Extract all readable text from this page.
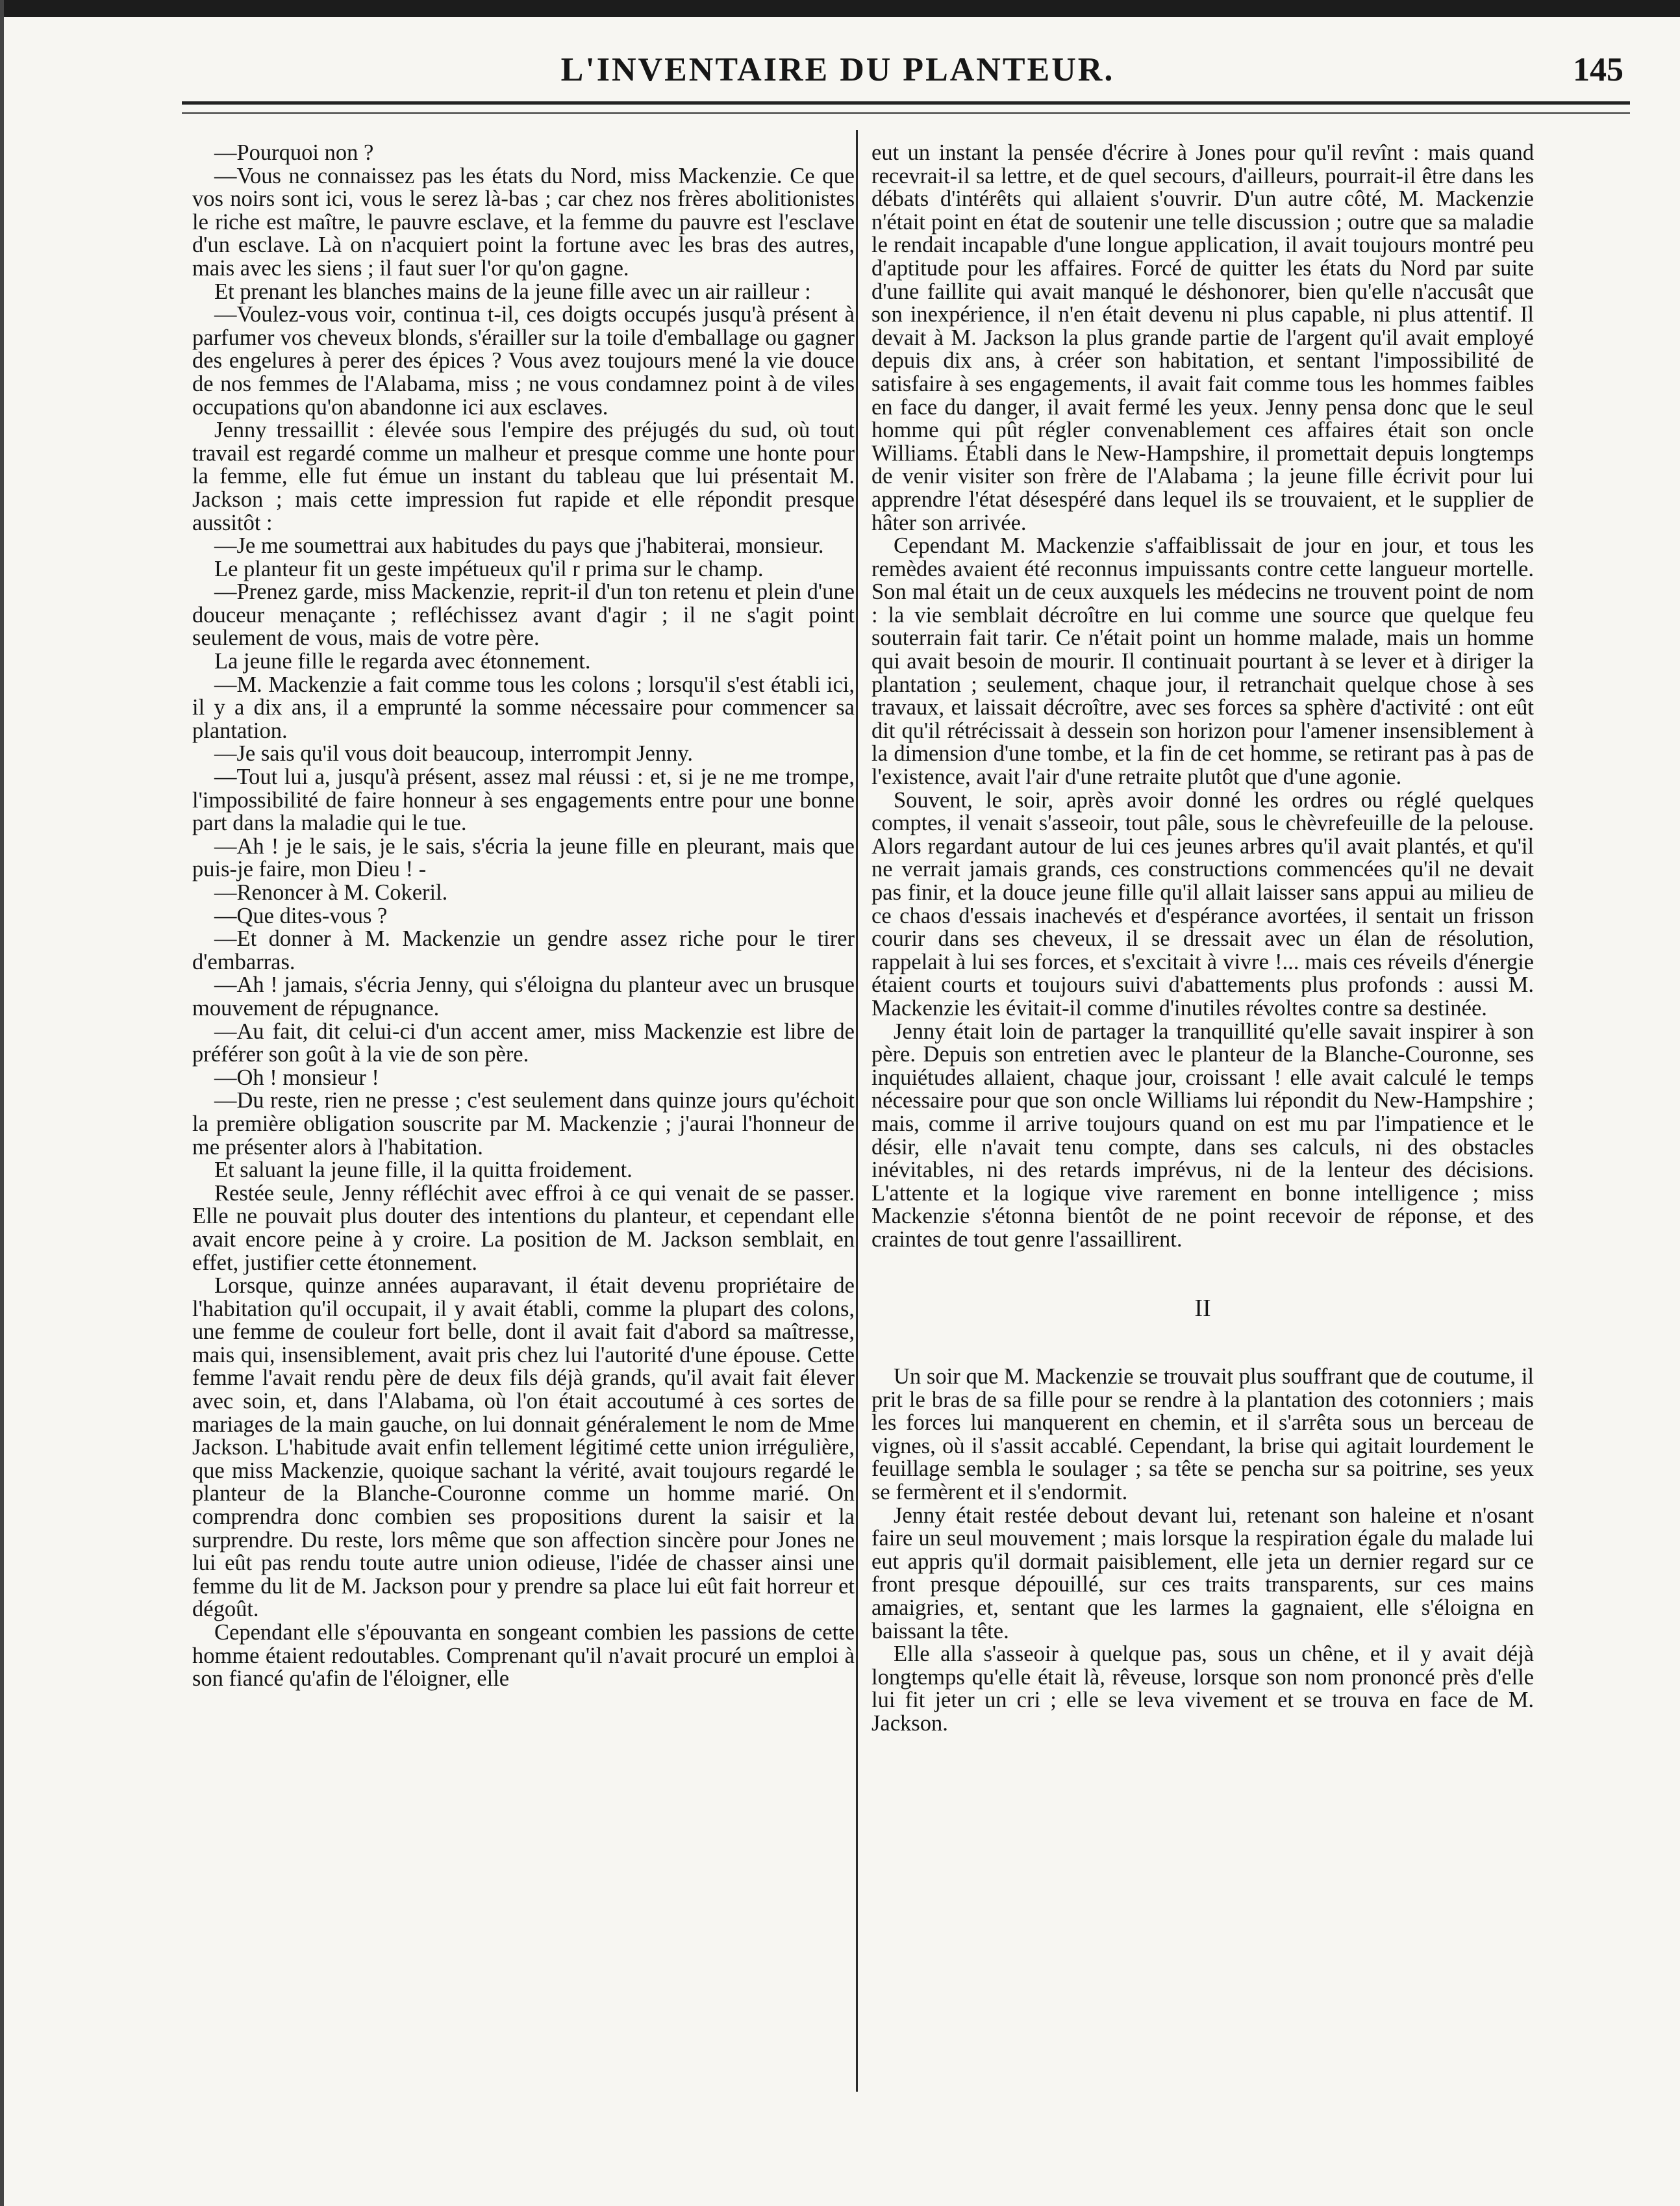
L'INVENTAIRE DU PLANTEUR.	145

—Pourquoi non ?

—Vous ne connaissez pas les états du Nord, miss Mackenzie. Ce que vos noirs sont ici, vous le serez là-bas ; car chez nos frères abolitionistes le riche est maître, le pauvre esclave, et la femme du pauvre est l'esclave d'un esclave. Là on n'acquiert point la fortune avec les bras des autres, mais avec les siens ; il faut suer l'or qu'on gagne.

Et prenant les blanches mains de la jeune fille avec un air railleur :

—Voulez-vous voir, continua t-il, ces doigts occupés jusqu'à présent à parfumer vos cheveux blonds, s'érailler sur la toile d'emballage ou gagner des engelures à perer des épices ? Vous avez toujours mené la vie douce de nos femmes de l'Alabama, miss ; ne vous condamnez point à de viles occupations qu'on abandonne ici aux esclaves.

Jenny tressaillit : élevée sous l'empire des préjugés du sud, où tout travail est regardé comme un malheur et presque comme une honte pour la femme, elle fut émue un instant du tableau que lui présentait M. Jackson ; mais cette impression fut rapide et elle répondit presque aussitôt :

—Je me soumettrai aux habitudes du pays que j'habiterai, monsieur.

Le planteur fit un geste impétueux qu'il r primа sur le champ.

—Prenez garde, miss Mackenzie, reprit-il d'un ton retenu et plein d'une douceur menaçante ; refléchissez avant d'agir ; il ne s'agit point seulement de vous, mais de votre père.

La jeune fille le regarda avec étonnement.

—M. Mackenzie a fait comme tous les colons ; lorsqu'il s'est établi ici, il y a dix ans, il a emprunté la somme nécessaire pour commencer sa plantation.

—Je sais qu'il vous doit beaucoup, interrompit Jenny.

—Tout lui a, jusqu'à présent, assez mal réussi : et, si je ne me trompe, l'impossibilité de faire honneur à ses engagements entre pour une bonne part dans la maladie qui le tue.

—Ah ! je le sais, je le sais, s'écria la jeune fille en pleurant, mais que puis-je faire, mon Dieu ! -

—Renoncer à M. Cokeril.

—Que dites-vous ?

—Et donner à M. Mackenzie un gendre assez riche pour le tirer d'embarras.

—Ah ! jamais, s'écria Jenny, qui s'éloigna du planteur avec un brusque mouvement de répugnance.

—Au fait, dit celui-ci d'un accent amer, miss Mackenzie est libre de préférer son goût à la vie de son père.

—Oh ! monsieur !

—Du reste, rien ne presse ; c'est seulement dans quinze jours qu'échoit la première obligation souscrite par M. Mackenzie ; j'aurai l'honneur de me présenter alors à l'habitation.

Et saluant la jeune fille, il la quitta froidement.

Restée seule, Jenny réfléchit avec effroi à ce qui venait de se passer. Elle ne pouvait plus douter des intentions du planteur, et cependant elle avait encore peine à y croire. La position de M. Jackson semblait, en effet, justifier cette étonnement.

Lorsque, quinze années auparavant, il était devenu propriétaire de l'habitation qu'il occupait, il y avait établi, comme la plupart des colons, une femme de couleur fort belle, dont il avait fait d'abord sa maîtresse, mais qui, insensiblement, avait pris chez lui l'autorité d'une épouse. Cette femme l'avait rendu père de deux fils déjà grands, qu'il avait fait élever avec soin, et, dans l'Alabama, où l'on était accoutumé à ces sortes de mariages de la main gauche, on lui donnait généralement le nom de Mme Jackson. L'habitude avait enfin tellement légitimé cette union irrégulière, que miss Mackenzie, quoique sachant la vérité, avait toujours regardé le planteur de la Blanche-Couronne comme un homme marié. On comprendra donc combien ses propositions durent la saisir et la surprendre. Du reste, lors même que son affection sincère pour Jones ne lui eût pas rendu toute autre union odieuse, l'idée de chasser ainsi une femme du lit de M. Jackson pour y prendre sa place lui eût fait horreur et dégoût.

Cependant elle s'épouvanta en songeant combien les passions de cette homme étaient redoutables. Comprenant qu'il n'avait procuré un emploi à son fiancé qu'afin de l'éloigner, elle

eut un instant la pensée d'écrire à Jones pour qu'il revînt : mais quand recevrait-il sa lettre, et de quel secours, d'ailleurs, pourrait-il être dans les débats d'intérêts qui allaient s'ouvrir. D'un autre côté, M. Mackenzie n'était point en état de soutenir une telle discussion ; outre que sa maladie le rendait incapable d'une longue application, il avait toujours montré peu d'aptitude pour les affaires. Forcé de quitter les états du Nord par suite d'une faillite qui avait manqué le déshonorer, bien qu'elle n'accusât que son inexpérience, il n'en était devenu ni plus capable, ni plus attentif. Il devait à M. Jackson la plus grande partie de l'argent qu'il avait employé depuis dix ans, à créer son habitation, et sentant l'impossibilité de satisfaire à ses engagements, il avait fait comme tous les hommes faibles en face du danger, il avait fermé les yeux. Jenny pensa donc que le seul homme qui pût régler convenablement ces affaires était son oncle Williams. Établi dans le New-Hampshire, il promettait depuis longtemps de venir visiter son frère de l'Alabama ; la jeune fille écrivit pour lui apprendre l'état désespéré dans lequel ils se trouvaient, et le supplier de hâter son arrivée.

Cependant M. Mackenzie s'affaiblissait de jour en jour, et tous les remèdes avaient été reconnus impuissants contre cette langueur mortelle. Son mal était un de ceux auxquels les médecins ne trouvent point de nom : la vie semblait décroître en lui comme une source que quelque feu souterrain fait tarir. Ce n'était point un homme malade, mais un homme qui avait besoin de mourir. Il continuait pourtant à se lever et à diriger la plantation ; seulement, chaque jour, il retranchait quelque chose à ses travaux, et laissait décroître, avec ses forces sa sphère d'activité : ont eût dit qu'il rétrécissait à dessein son horizon pour l'amener insensiblement à la dimension d'une tombe, et la fin de cet homme, se retirant pas à pas de l'existence, avait l'air d'une retraite plutôt que d'une agonie.

Souvent, le soir, après avoir donné les ordres ou réglé quelques comptes, il venait s'asseoir, tout pâle, sous le chèvrefeuille de la pelouse. Alors regardant autour de lui ces jeunes arbres qu'il avait plantés, et qu'il ne verrait jamais grands, ces constructions commencées qu'il ne devait pas finir, et la douce jeune fille qu'il allait laisser sans appui au milieu de ce chaos d'essais inachevés et d'espérance avortées, il sentait un frisson courir dans ses cheveux, il se dressait avec un élan de résolution, rappelait à lui ses forces, et s'excitait à vivre !... mais ces réveils d'énergie étaient courts et toujours suivi d'abattements plus profonds : aussi M. Mackenzie les évitait-il comme d'inutiles révoltes contre sa destinée.

Jenny était loin de partager la tranquillité qu'elle savait inspirer à son père. Depuis son entretien avec le planteur de la Blanche-Couronne, ses inquiétudes allaient, chaque jour, croissant ! elle avait calculé le temps nécessaire pour que son oncle Williams lui répondit du New-Hampshire ; mais, comme il arrive toujours quand on est mu par l'impatience et le désir, elle n'avait tenu compte, dans ses calculs, ni des obstacles inévitables, ni des retards imprévus, ni de la lenteur des décisions. L'attente et la logique vive rarement en bonne intelligence ; miss Mackenzie s'étonna bientôt de ne point recevoir de réponse, et des craintes de tout genre l'assaillirent.

II

Un soir que M. Mackenzie se trouvait plus souffrant que de coutume, il prit le bras de sa fille pour se rendre à la plantation des cotonniers ; mais les forces lui manquerent en chemin, et il s'arrêta sous un berceau de vignes, où il s'assit accablé. Cependant, la brise qui agitait lourdement le feuillage sembla le soulager ; sa tête se pencha sur sa poitrine, ses yeux se fermèrent et il s'endormit.

Jenny était restée debout devant lui, retenant son haleine et n'osant faire un seul mouvement ; mais lorsque la respiration égale du malade lui eut appris qu'il dormait paisiblement, elle jeta un dernier regard sur ce front presque dépouillé, sur ces traits transparents, sur ces mains amaigries, et, sentant que les larmes la gagnaient, elle s'éloigna en baissant la tête.

Elle alla s'asseoir à quelque pas, sous un chêne, et il y avait déjà longtemps qu'elle était là, rêveuse, lorsque son nom prononcé près d'elle lui fit jeter un cri ; elle se leva vivement et se trouva en face de M. Jackson.
